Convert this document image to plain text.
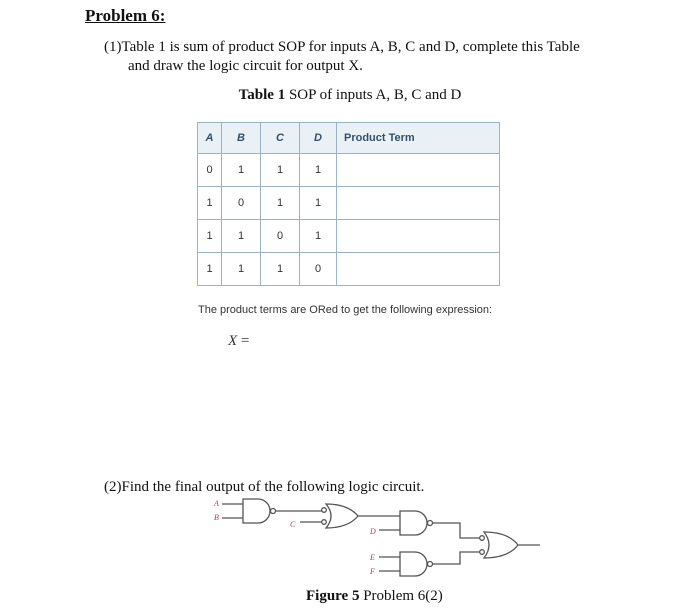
Problem 6:
(1)Table 1 is sum of product SOP for inputs A, B, C and D, complete this Table
and draw the logic circuit for output X.
Table 1 SOP of inputs A, B, C and D
A	B	C	D	Product Term
0	1	1	1	
1	0	1	1	
1	1	0	1	
1	1	1	0	
The product terms are ORed to get the following expression:
X =
(2)Find the final output of the following logic circuit.
A
B
C
D
E
F
Figure 5 Problem 6(2)
